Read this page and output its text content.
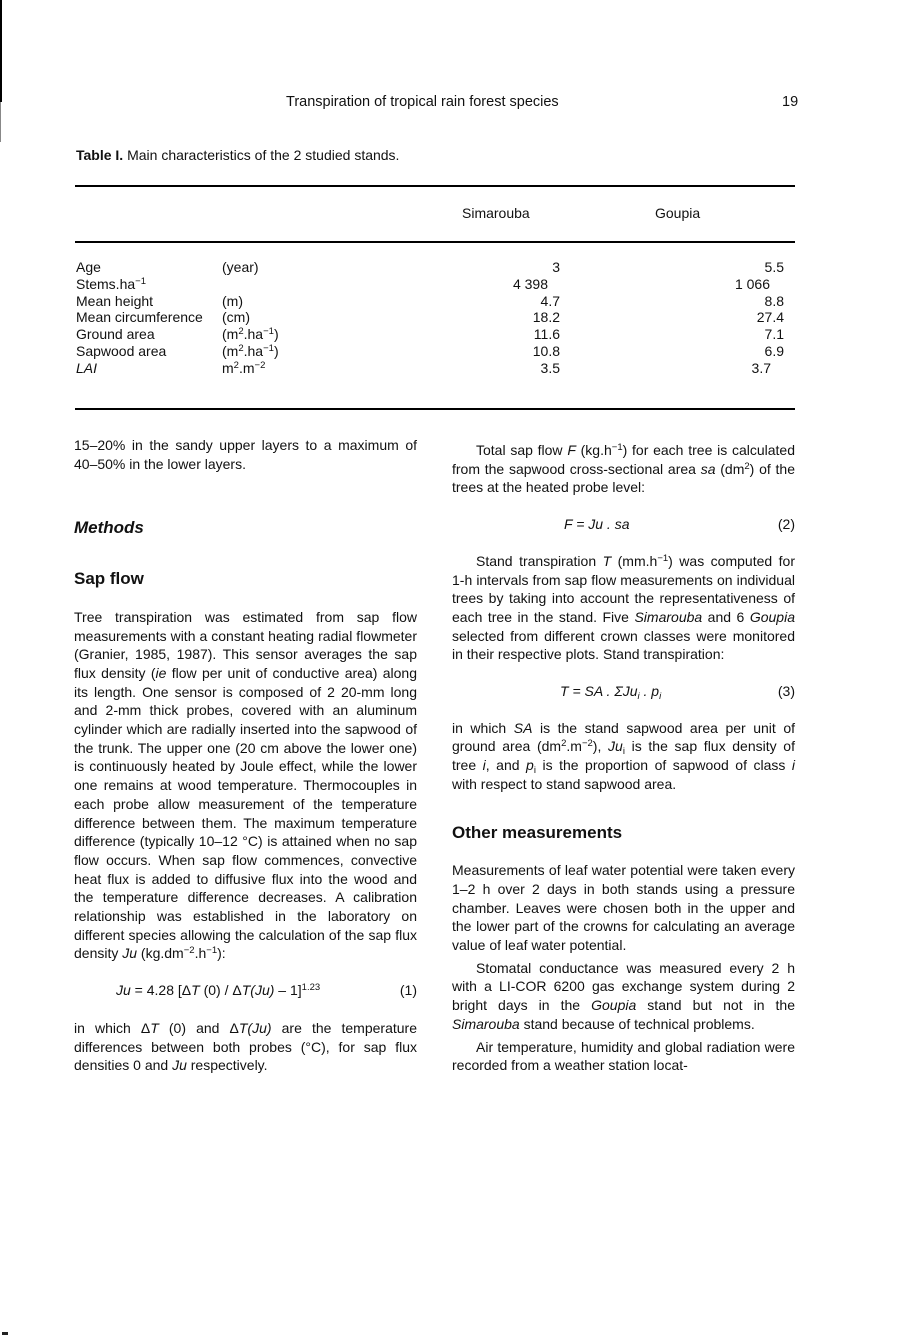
Transpiration of tropical rain forest species	19
Table I. Main characteristics of the 2 studied stands.
Simarouba	Goupia
Age	(year)	3	5.5
$Stems.ha^{-1}$		4 398	1 066
Mean height	(m)	4.7	8.8
Mean circumference	(cm)	18.2	27.4
Ground area	$(m^2.ha^{-1})$	11.6	7.1
Sapwood area	$(m^2.ha^{-1})$	10.8	6.9
LAI	$m^2.m^{-2}$	3.5	3.7

15–20% in the sandy upper layers to a maximum of 40–50% in the lower layers.

Methods

Sap flow

Tree transpiration was estimated from sap flow measurements with a constant heating radial flowmeter (Granier, 1985, 1987). This sensor averages the sap flux density (ie flow per unit of conductive area) along its length. One sensor is composed of 2 20-mm long and 2-mm thick probes, covered with an aluminum cylinder which are radially inserted into the sapwood of the trunk. The upper one (20 cm above the lower one) is continuously heated by Joule effect, while the lower one remains at wood temperature. Thermocouples in each probe allow measurement of the temperature difference between them. The maximum temperature difference (typically 10–12 °C) is attained when no sap flow occurs. When sap flow commences, convective heat flux is added to diffusive flux into the wood and the temperature difference decreases. A calibration relationship was established in the laboratory on different species allowing the calculation of the sap flux density Ju $(kg.dm^{-2}.h^{-1})$:

Ju = 4.28 [ΔT (0) / ΔT(Ju) – 1]$^{1.23}$	(1)

in which ΔT (0) and ΔT(Ju) are the temperature differences between both probes (°C), for sap flux densities 0 and Ju respectively.

Total sap flow F $(kg.h^{-1})$ for each tree is calculated from the sapwood cross-sectional area sa $(dm^2)$ of the trees at the heated probe level:

F = Ju . sa	(2)

Stand transpiration T $(mm.h^{-1})$ was computed for 1-h intervals from sap flow measurements on individual trees by taking into account the representativeness of each tree in the stand. Five Simarouba and 6 Goupia selected from different crown classes were monitored in their respective plots. Stand transpiration:

T = SA . ΣJu$_i$ . $p_i$	(3)

in which SA is the stand sapwood area per unit of ground area $(dm^2.m^{-2})$, $Ju_i$ is the sap flux density of tree i, and $p_i$ is the proportion of sapwood of class i with respect to stand sapwood area.

Other measurements

Measurements of leaf water potential were taken every 1–2 h over 2 days in both stands using a pressure chamber. Leaves were chosen both in the upper and the lower part of the crowns for calculating an average value of leaf water potential.

Stomatal conductance was measured every 2 h with a LI-COR 6200 gas exchange system during 2 bright days in the Goupia stand but not in the Simarouba stand because of technical problems.

Air temperature, humidity and global radiation were recorded from a weather station locat-
